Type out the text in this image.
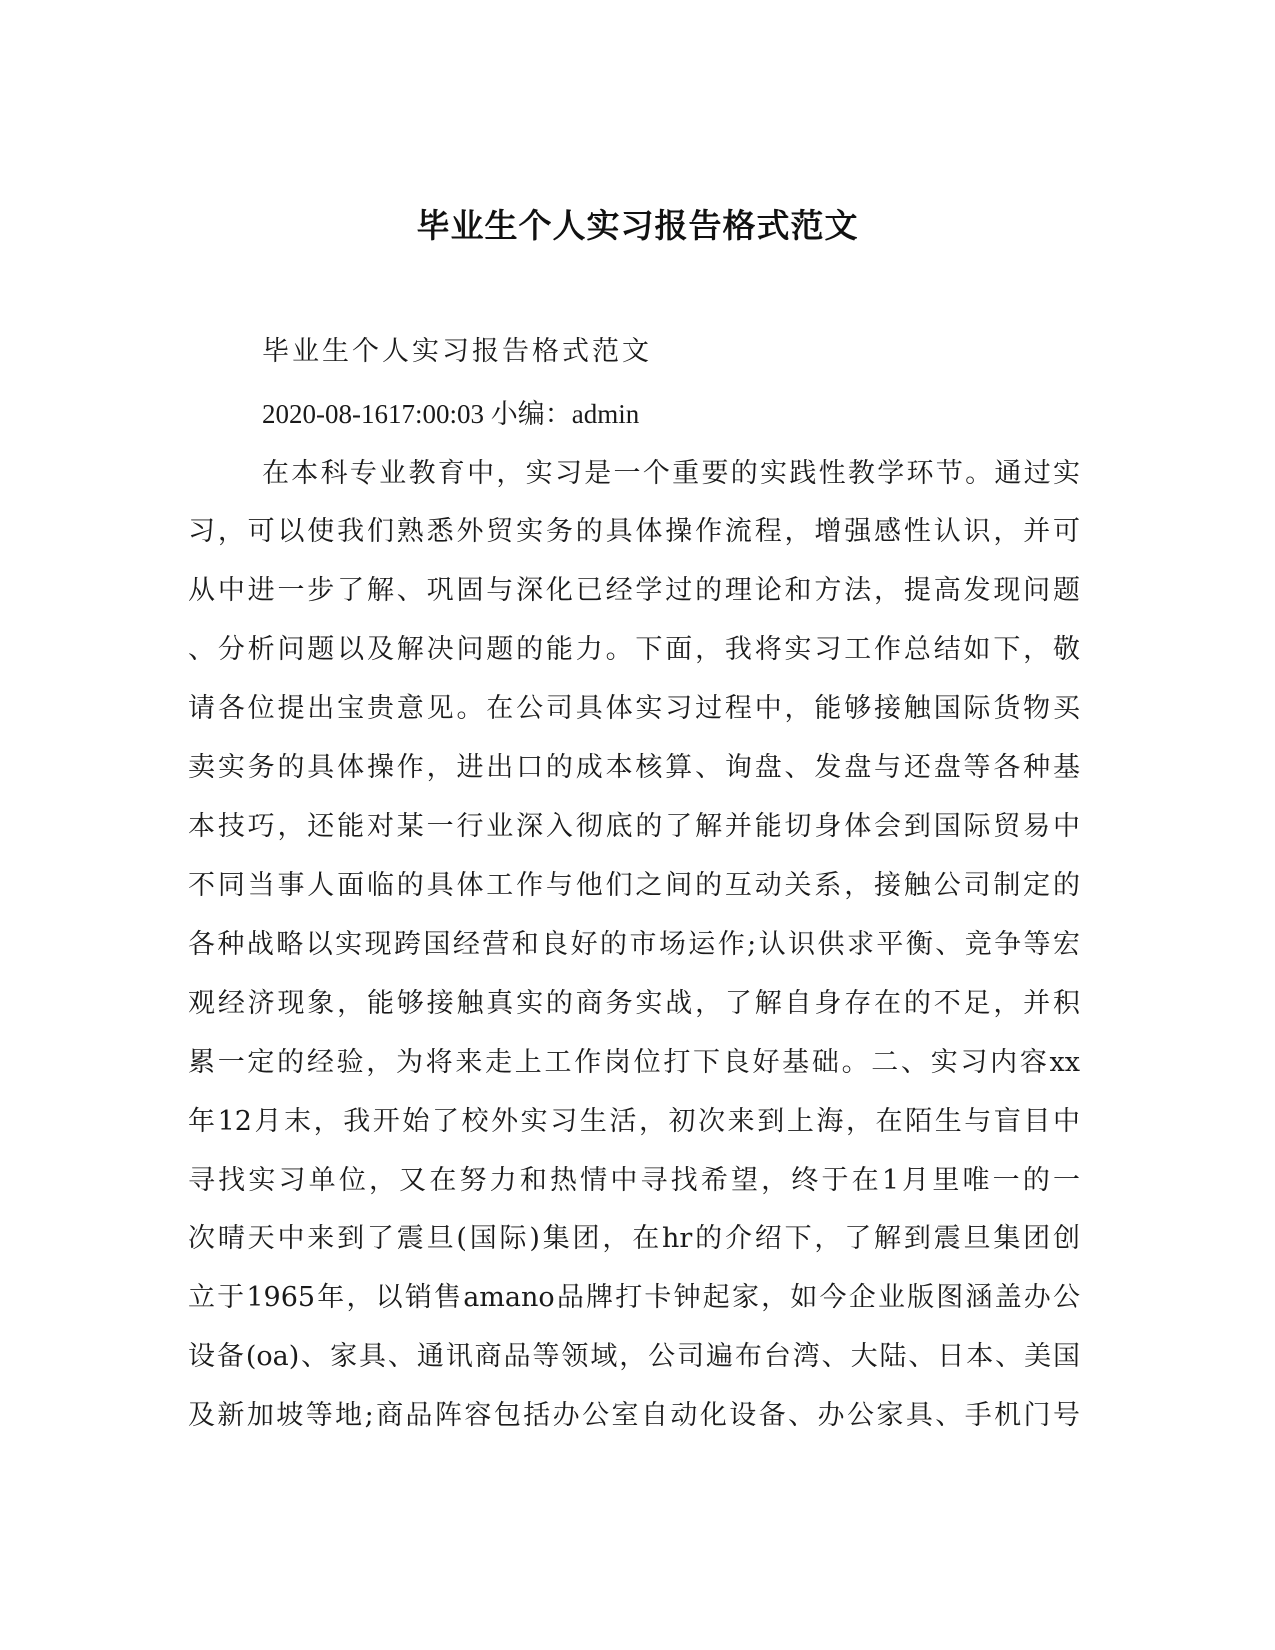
毕业生个人实习报告格式范文
毕业生个人实习报告格式范文
2020-08-1617:00:03 小编：admin
在本科专业教育中，实习是一个重要的实践性教学环节。通过实
习，可以使我们熟悉外贸实务的具体操作流程，增强感性认识，并可
从中进一步了解、巩固与深化已经学过的理论和方法，提高发现问题
、分析问题以及解决问题的能力。下面，我将实习工作总结如下，敬
请各位提出宝贵意见。在公司具体实习过程中，能够接触国际货物买
卖实务的具体操作，进出口的成本核算、询盘、发盘与还盘等各种基
本技巧，还能对某一行业深入彻底的了解并能切身体会到国际贸易中
不同当事人面临的具体工作与他们之间的互动关系，接触公司制定的
各种战略以实现跨国经营和良好的市场运作;认识供求平衡、竞争等宏
观经济现象，能够接触真实的商务实战，了解自身存在的不足，并积
累一定的经验，为将来走上工作岗位打下良好基础。二、实习内容xx
年12月末，我开始了校外实习生活，初次来到上海，在陌生与盲目中
寻找实习单位，又在努力和热情中寻找希望，终于在1月里唯一的一
次晴天中来到了震旦(国际)集团，在hr的介绍下，了解到震旦集团创
立于1965年，以销售amano品牌打卡钟起家，如今企业版图涵盖办公
设备(oa)、家具、通讯商品等领域，公司遍布台湾、大陆、日本、美国
及新加坡等地;商品阵容包括办公室自动化设备、办公家具、手机门号
